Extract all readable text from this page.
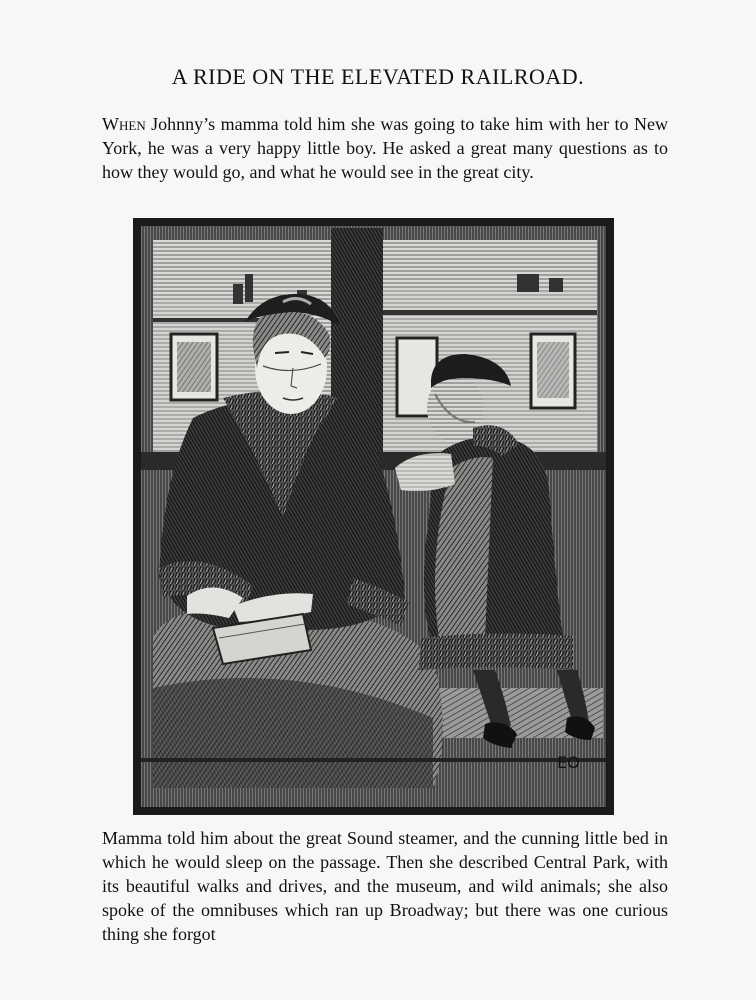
A RIDE ON THE ELEVATED RAILROAD.

When Johnny’s mamma told him she was going to take him with her to New York, he was a very happy little boy. He asked a great many questions as to how they would go, and what he would see in the great city.

EO

Mamma told him about the great Sound steamer, and the cunning little bed in which he would sleep on the passage. Then she described Central Park, with its beautiful walks and drives, and the museum, and wild animals; she also spoke of the omnibuses which ran up Broadway; but there was one curious thing she forgot
